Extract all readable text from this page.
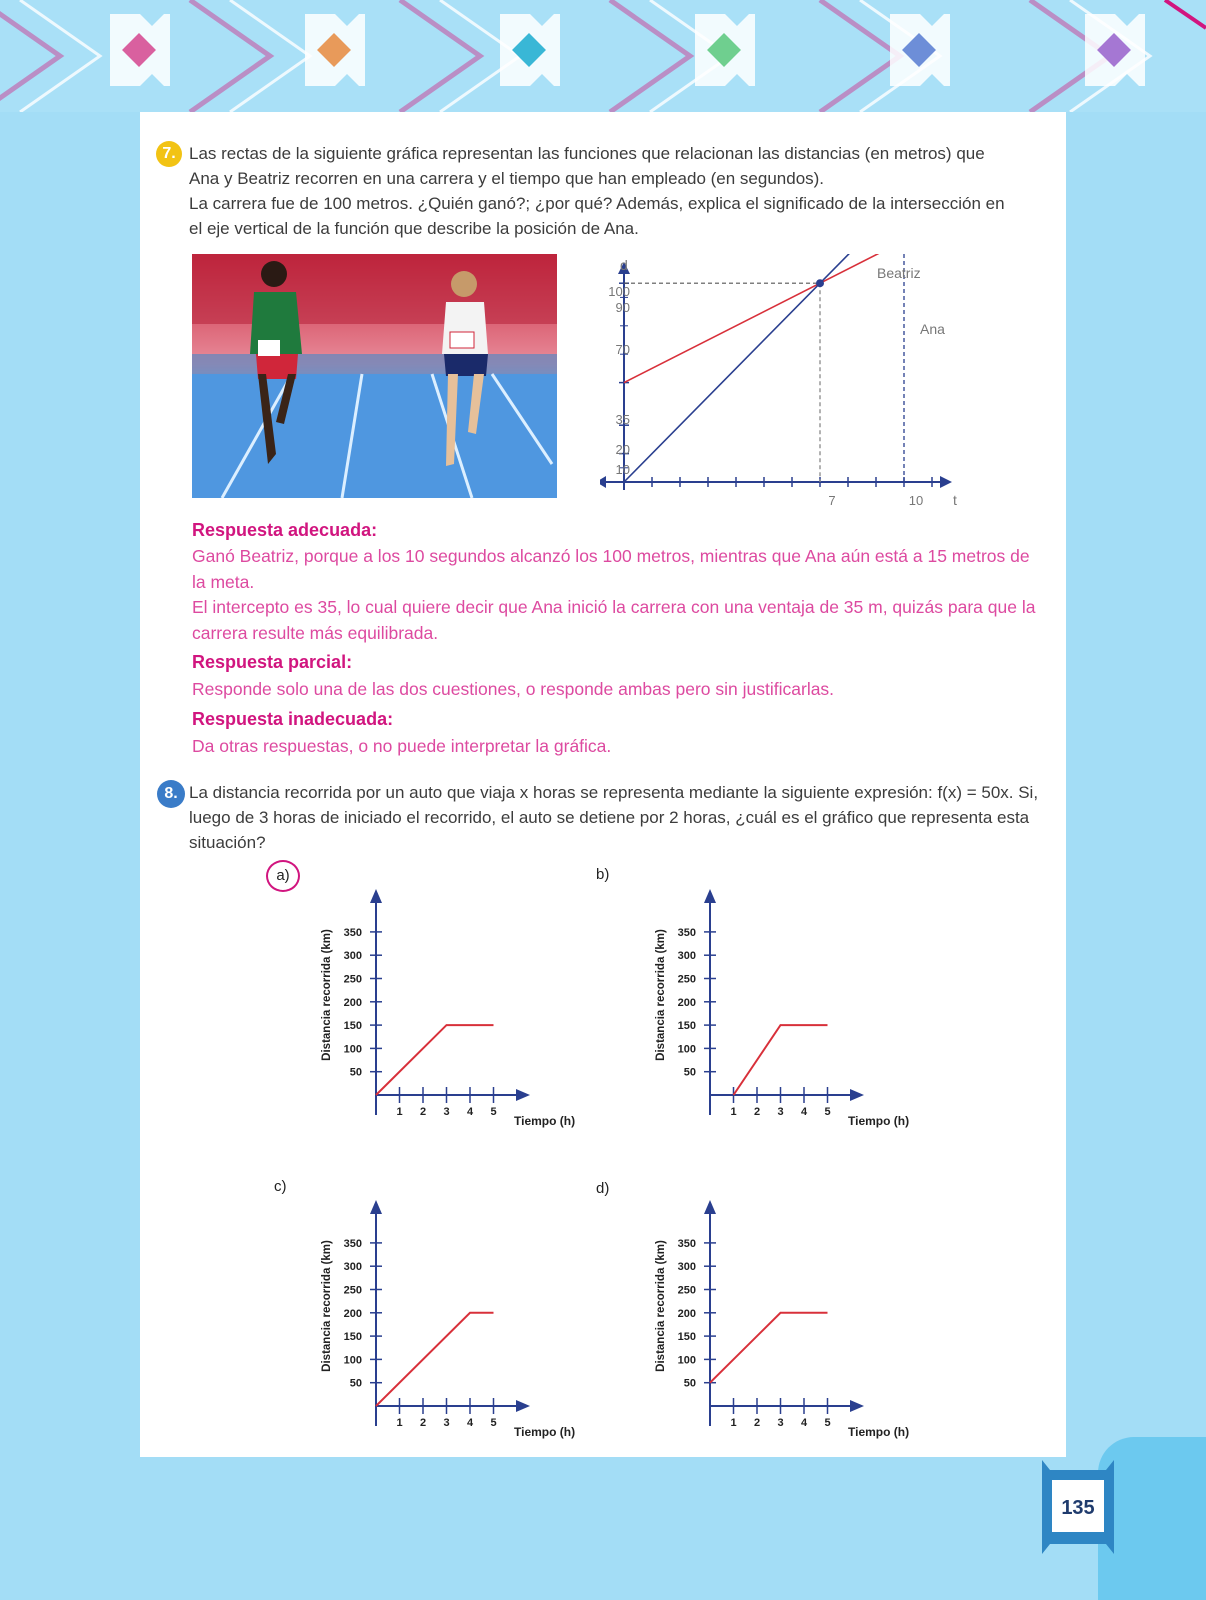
7. Las rectas de la siguiente gráfica representan las funciones que relacionan las distancias (en metros) que

Ana y Beatriz recorren en una carrera y el tiempo que han empleado (en segundos).

La carrera fue de 100 metros. ¿Quién ganó?; ¿por qué? Además, explica el significado de la intersección en

el eje vertical de la función que describe la posición de Ana.

d
t
Beatriz
Ana
100
90
70
35
20
10
7	10
Respuesta adecuada:

Ganó Beatriz, porque a los 10 segundos alcanzó los 100 metros, mientras que Ana aún está a 15 metros de

la meta.

El intercepto es 35, lo cual quiere decir que Ana inició la carrera con una ventaja de 35 m, quizás para que la

carrera resulte más equilibrada.

Respuesta parcial:

Responde solo una de las dos cuestiones, o responde ambas pero sin justificarlas.

Respuesta inadecuada:

Da otras respuestas, o no puede interpretar la gráfica.

8. La distancia recorrida por un auto que viaja x horas se representa mediante la siguiente expresión: f(x) = 50x. Si,

luego de 3 horas de iniciado el recorrido, el auto se detiene por 2 horas, ¿cuál es el gráfico que representa esta

situación?

a)	b)
c)	d)
50
100
150
200
250
300
350
1 2 3 4 5
Tiempo (h)
Distancia recorrida (km)
50
100
150
200
250
300
350
1 2 3 4 5
Tiempo (h)
Distancia recorrida (km)
50
100
150
200
250
300
350
1 2 3 4 5
Tiempo (h)
Distancia recorrida (km)
50
100
150
200
250
300
350
1 2 3 4 5
Tiempo (h)
Distancia recorrida (km)
135
